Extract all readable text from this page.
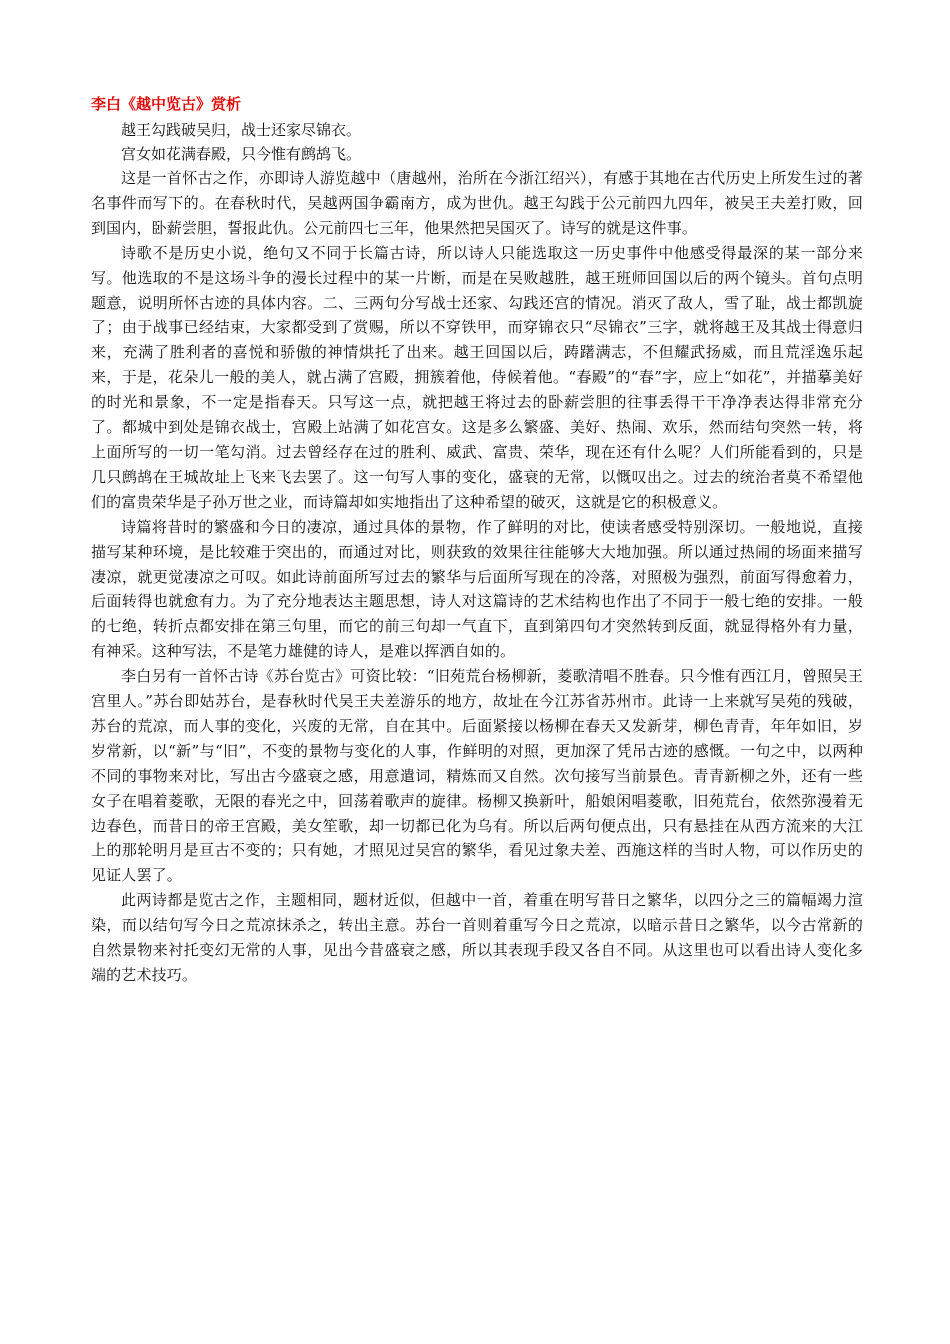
李白《越中览古》赏析

越王勾践破吴归，战士还家尽锦衣。

宫女如花满春殿，只今惟有鹧鸪飞。

这是一首怀古之作，亦即诗人游览越中（唐越州，治所在今浙江绍兴），有感于其地在古代历史上所发生过的著名事件而写下的。在春秋时代，吴越两国争霸南方，成为世仇。越王勾践于公元前四九四年，被吴王夫差打败，回到国内，卧薪尝胆，誓报此仇。公元前四七三年，他果然把吴国灭了。诗写的就是这件事。

诗歌不是历史小说，绝句又不同于长篇古诗，所以诗人只能选取这一历史事件中他感受得最深的某一部分来写。他选取的不是这场斗争的漫长过程中的某一片断，而是在吴败越胜，越王班师回国以后的两个镜头。首句点明题意，说明所怀古迹的具体内容。二、三两句分写战士还家、勾践还宫的情况。消灭了敌人，雪了耻，战士都凯旋了；由于战事已经结束，大家都受到了赏赐，所以不穿铁甲，而穿锦衣只“尽锦衣”三字，就将越王及其战士得意归来，充满了胜利者的喜悦和骄傲的神情烘托了出来。越王回国以后，踌躇满志，不但耀武扬威，而且荒淫逸乐起来，于是，花朵儿一般的美人，就占满了宫殿，拥簇着他，侍候着他。“春殿”的“春”字，应上“如花”，并描摹美好的时光和景象，不一定是指春天。只写这一点，就把越王将过去的卧薪尝胆的往事丢得干干净净表达得非常充分了。都城中到处是锦衣战士，宫殿上站满了如花宫女。这是多么繁盛、美好、热闹、欢乐，然而结句突然一转，将上面所写的一切一笔勾消。过去曾经存在过的胜利、威武、富贵、荣华，现在还有什么呢？人们所能看到的，只是几只鹧鸪在王城故址上飞来飞去罢了。这一句写人事的变化，盛衰的无常，以慨叹出之。过去的统治者莫不希望他们的富贵荣华是子孙万世之业，而诗篇却如实地指出了这种希望的破灭，这就是它的积极意义。

诗篇将昔时的繁盛和今日的凄凉，通过具体的景物，作了鲜明的对比，使读者感受特别深切。一般地说，直接描写某种环境，是比较难于突出的，而通过对比，则获致的效果往往能够大大地加强。所以通过热闹的场面来描写凄凉，就更觉凄凉之可叹。如此诗前面所写过去的繁华与后面所写现在的冷落，对照极为强烈，前面写得愈着力，后面转得也就愈有力。为了充分地表达主题思想，诗人对这篇诗的艺术结构也作出了不同于一般七绝的安排。一般的七绝，转折点都安排在第三句里，而它的前三句却一气直下，直到第四句才突然转到反面，就显得格外有力量，有神采。这种写法，不是笔力雄健的诗人，是难以挥洒自如的。

李白另有一首怀古诗《苏台览古》可资比较：“旧苑荒台杨柳新，菱歌清唱不胜春。只今惟有西江月，曾照吴王宫里人。”苏台即姑苏台，是春秋时代吴王夫差游乐的地方，故址在今江苏省苏州市。此诗一上来就写吴苑的残破，苏台的荒凉，而人事的变化，兴废的无常，自在其中。后面紧接以杨柳在春天又发新芽，柳色青青，年年如旧，岁岁常新，以“新”与“旧”，不变的景物与变化的人事，作鲜明的对照，更加深了凭吊古迹的感慨。一句之中，以两种不同的事物来对比，写出古今盛衰之感，用意遣词，精炼而又自然。次句接写当前景色。青青新柳之外，还有一些女子在唱着菱歌，无限的春光之中，回荡着歌声的旋律。杨柳又换新叶，船娘闲唱菱歌，旧苑荒台，依然弥漫着无边春色，而昔日的帝王宫殿，美女笙歌，却一切都已化为乌有。所以后两句便点出，只有悬挂在从西方流来的大江上的那轮明月是亘古不变的；只有她，才照见过吴宫的繁华，看见过象夫差、西施这样的当时人物，可以作历史的见证人罢了。

此两诗都是览古之作，主题相同，题材近似，但越中一首，着重在明写昔日之繁华，以四分之三的篇幅竭力渲染，而以结句写今日之荒凉抹杀之，转出主意。苏台一首则着重写今日之荒凉，以暗示昔日之繁华，以今古常新的自然景物来衬托变幻无常的人事，见出今昔盛衰之感，所以其表现手段又各自不同。从这里也可以看出诗人变化多端的艺术技巧。
